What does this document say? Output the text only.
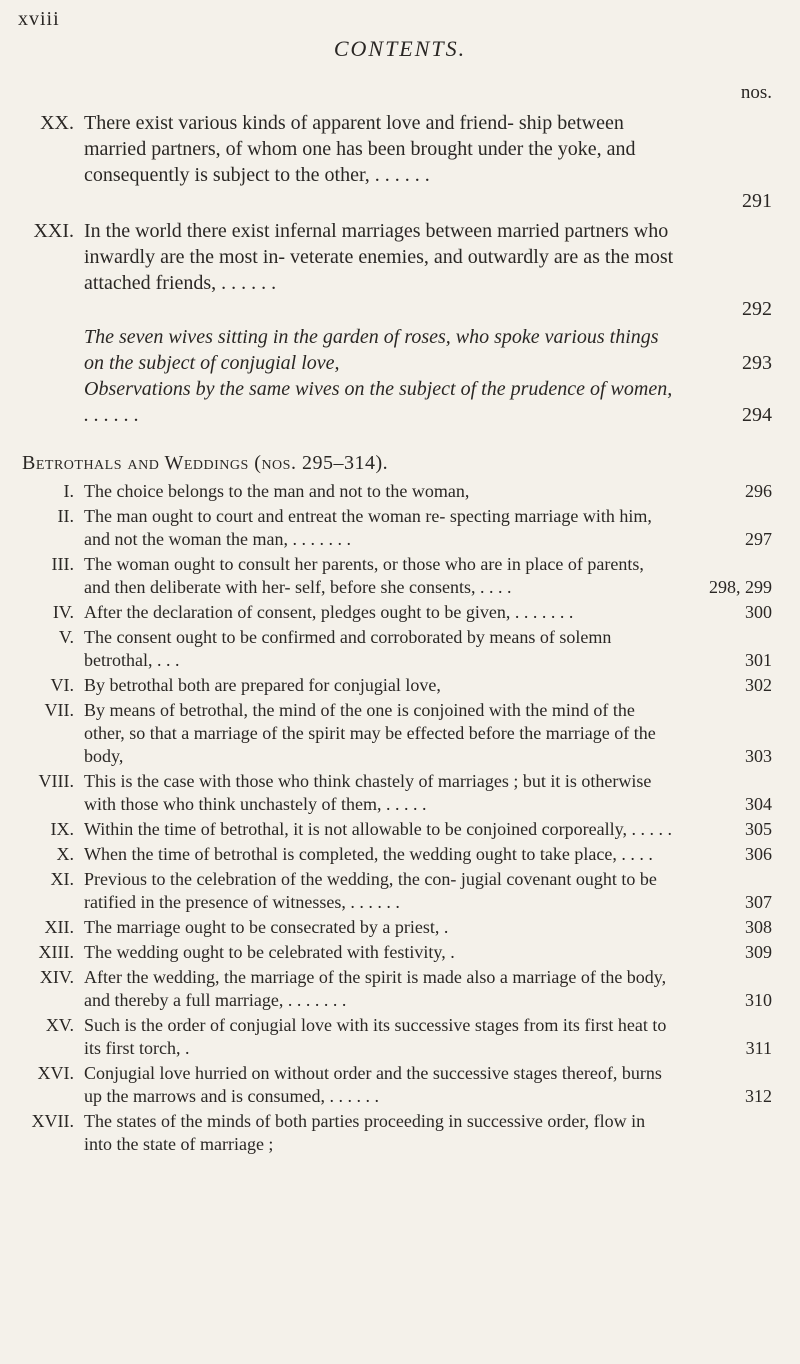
xviii
CONTENTS.
nos.
XX. There exist various kinds of apparent love and friend- ship between married partners, of whom one has been brought under the yoke, and consequently is subject to the other, . . . . . .
291
XXI. In the world there exist infernal marriages between married partners who inwardly are the most in- veterate enemies, and outwardly are as the most attached friends, . . . . . .
292
The seven wives sitting in the garden of roses, who spoke various things on the subject of conjugial love,	293
Observations by the same wives on the subject of the prudence of women, . . . . . .	294
Betrothals and Weddings (nos. 295–314).
I. The choice belongs to the man and not to the woman,	296
II. The man ought to court and entreat the woman re- specting marriage with him, and not the woman the man, . . . . . . .	297
III. The woman ought to consult her parents, or those who are in place of parents, and then deliberate with her- self, before she consents, . . . .	298, 299
IV. After the declaration of consent, pledges ought to be given, . . . . . . .	300
V. The consent ought to be confirmed and corroborated by means of solemn betrothal, . . .	301
VI. By betrothal both are prepared for conjugial love,	302
VII. By means of betrothal, the mind of the one is conjoined with the mind of the other, so that a marriage of the spirit may be effected before the marriage of the body,	303
VIII. This is the case with those who think chastely of marriages ; but it is otherwise with those who think unchastely of them, . . . . .	304
IX. Within the time of betrothal, it is not allowable to be conjoined corporeally, . . . . .	305
X. When the time of betrothal is completed, the wedding ought to take place, . . . .	306
XI. Previous to the celebration of the wedding, the con- jugial covenant ought to be ratified in the presence of witnesses, . . . . . .	307
XII. The marriage ought to be consecrated by a priest, .	308
XIII. The wedding ought to be celebrated with festivity, .	309
XIV. After the wedding, the marriage of the spirit is made also a marriage of the body, and thereby a full marriage, . . . . . . .	310
XV. Such is the order of conjugial love with its successive stages from its first heat to its first torch, .	311
XVI. Conjugial love hurried on without order and the successive stages thereof, burns up the marrows and is consumed, . . . . . .	312
XVII. The states of the minds of both parties proceeding in successive order, flow in into the state of marriage ;
